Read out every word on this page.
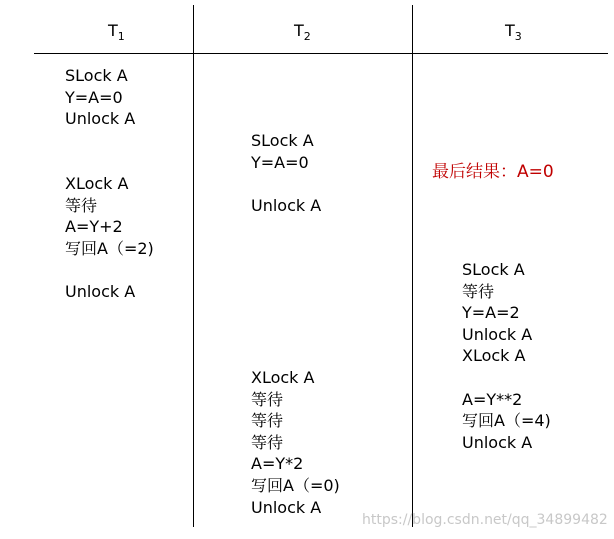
$T_1$	$T_2$	$T_3$
SLock A
Y=A=0
Unlock A

XLock A
等待
A=Y+2
写回A（=2)

Unlock A
SLock A
Y=A=0

Unlock A
XLock A
等待
等待
等待
A=Y*2
写回A（=0)
Unlock A
SLock A
等待
Y=A=2
Unlock A
XLock A

A=Y**2
写回A（=4)
Unlock A
最后结果：A=0
https://blog.csdn.net/qq_34899482
